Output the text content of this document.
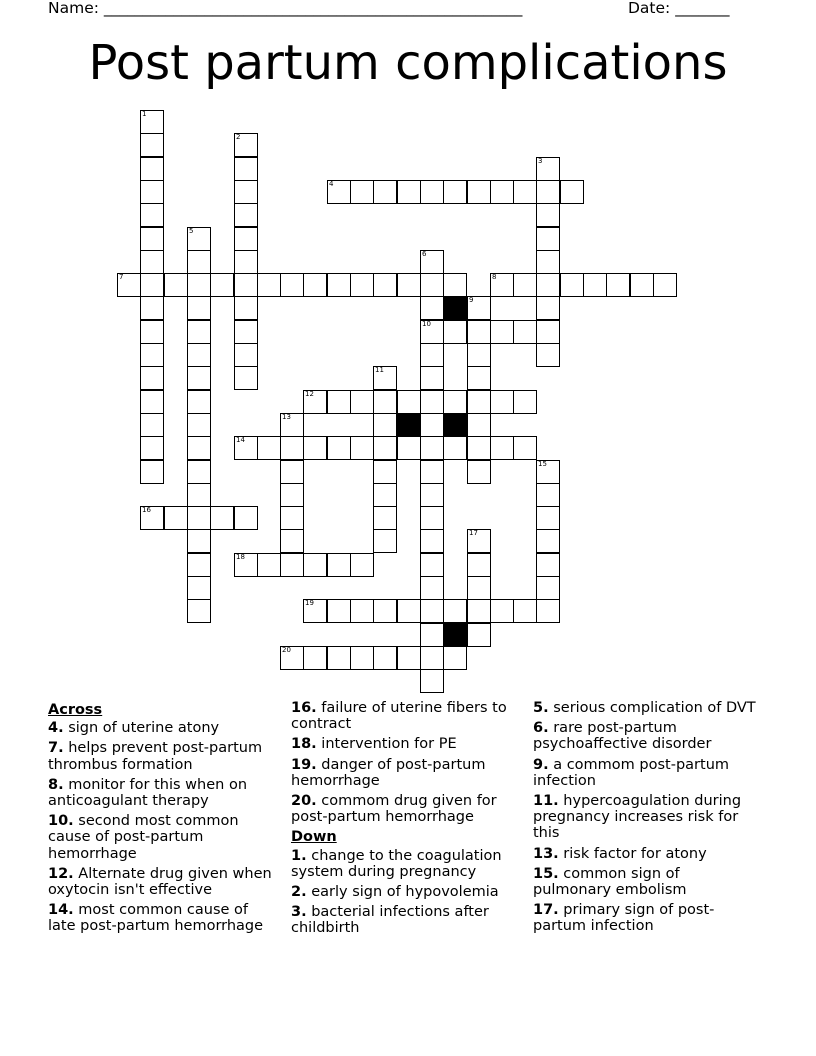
Name: ______________________________________________________	Date: _______
Post partum complications
1
2
3
4
5
6
10
7	8
9
11
12
13
14
15
16
17
18
19
20
Across
4. sign of uterine atony
7. helps prevent post-partum thrombus formation
8. monitor for this when on anticoagulant therapy
10. second most common cause of post-partum hemorrhage
12. Alternate drug given when oxytocin isn't effective
14. most common cause of late post-partum hemorrhage
16. failure of uterine fibers to contract
18. intervention for PE
19. danger of post-partum hemorrhage
20. commom drug given for post-partum hemorrhage
Down
1. change to the coagulation system during pregnancy
2. early sign of hypovolemia
3. bacterial infections after childbirth
5. serious complication of DVT
6. rare post-partum psychoaffective disorder
9. a commom post-partum infection
11. hypercoagulation during pregnancy increases risk for this
13. risk factor for atony
15. common sign of pulmonary embolism
17. primary sign of post-partum infection
